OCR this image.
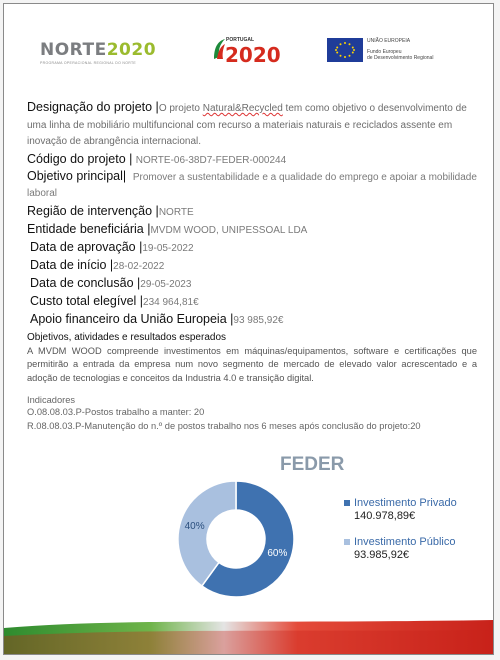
NORTE2020
PROGRAMA OPERACIONAL REGIONAL DO NORTE
PORTUGAL
2020
UNIÃO EUROPEIA
Fundo Europeu
de Desenvolvimento Regional
Designação do projeto |O projeto Natural&Recycled tem como objetivo o desenvolvimento de uma linha de mobiliário multifuncional com recurso a materiais naturais e reciclados assente em inovação de abrangência internacional.
Código do projeto | NORTE-06-38D7-FEDER-000244
Objetivo principal| Promover a sustentabilidade e a qualidade do emprego e apoiar a mobilidade laboral
Região de intervenção |NORTE
Entidade beneficiária |MVDM WOOD, UNIPESSOAL LDA
Data de aprovação |19-05-2022
Data de início |28-02-2022
Data de conclusão |29-05-2023
Custo total elegível |234 964,81€
Apoio financeiro da União Europeia |93 985,92€
Objetivos, atividades e resultados esperados
A MVDM WOOD compreende investimentos em máquinas/equipamentos, software e certificações que permitirão a entrada da empresa num novo segmento de mercado de elevado valor acrescentado e a adoção de tecnologias e conceitos da Industria 4.0 e transição digital.
Indicadores
O.08.08.03.P-Postos trabalho a manter: 20
R.08.08.03.P-Manutenção do n.º de postos trabalho nos 6 meses após conclusão do projeto:20
FEDER
60%
40%
Investimento Privado
140.978,89€
Investimento Público
93.985,92€
